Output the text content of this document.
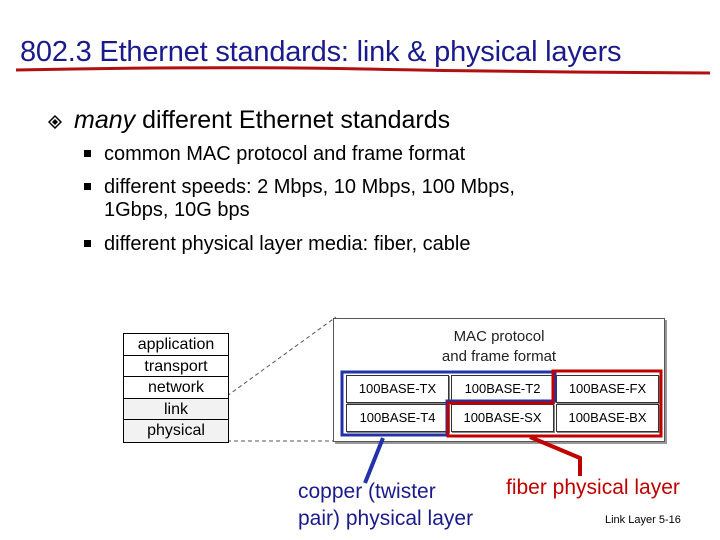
802.3 Ethernet standards: link & physical layers
many different Ethernet standards
common MAC protocol and frame format
different speeds: 2 Mbps, 10 Mbps, 100 Mbps,
1Gbps, 10G bps
different physical layer media: fiber, cable
application
transport
network
link
physical
MAC protocol
and frame format
100BASE-TX	100BASE-T2	100BASE-FX
100BASE-T4	100BASE-SX	100BASE-BX
copper (twister
pair) physical layer
fiber physical layer
Link Layer 5-16
